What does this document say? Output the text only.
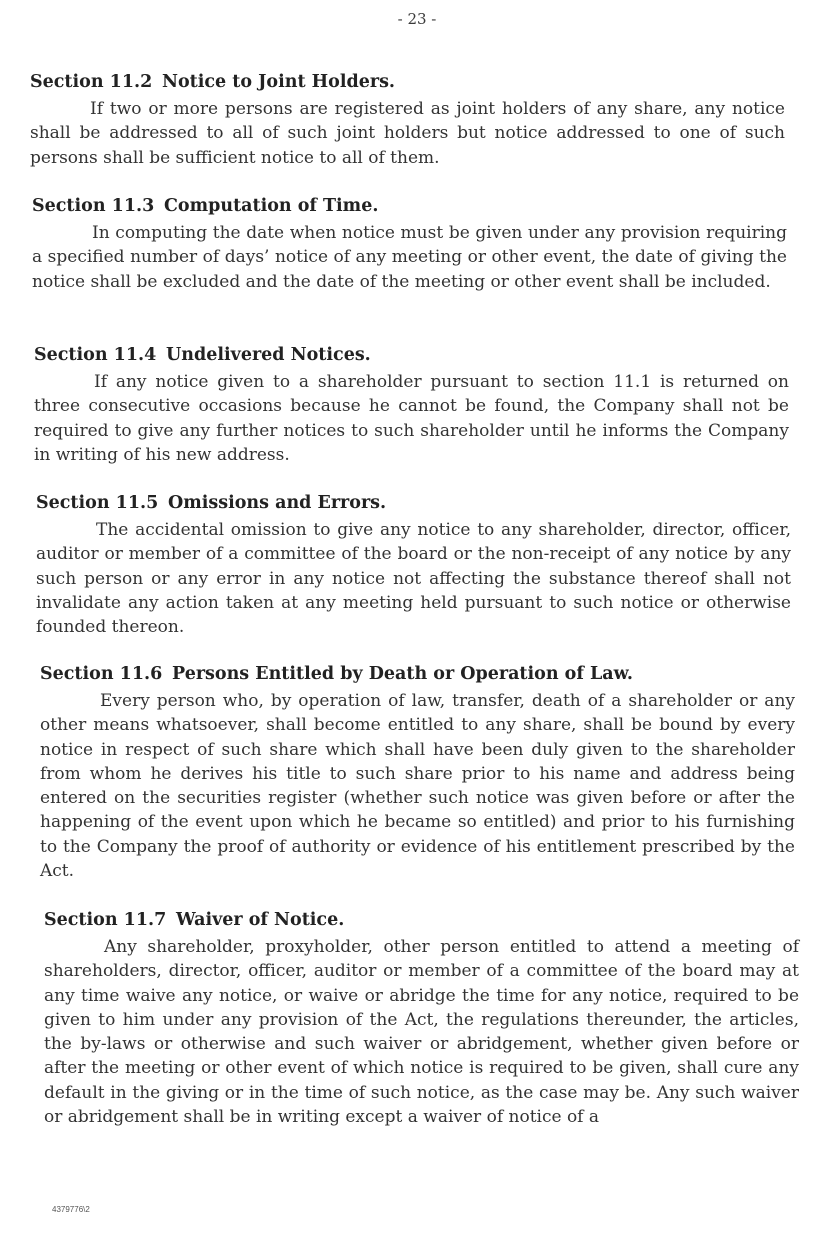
- 23 -
Section 11.2 Notice to Joint Holders.

If two or more persons are registered as joint holders of any share, any notice shall be addressed to all of such joint holders but notice addressed to one of such persons shall be sufficient notice to all of them.

Section 11.3 Computation of Time.

In computing the date when notice must be given under any provision requiring a specified number of days’ notice of any meeting or other event, the date of giving the notice shall be excluded and the date of the meeting or other event shall be included.

Section 11.4 Undelivered Notices.

If any notice given to a shareholder pursuant to section 11.1 is returned on three consecutive occasions because he cannot be found, the Company shall not be required to give any further notices to such shareholder until he informs the Company in writing of his new address.

Section 11.5 Omissions and Errors.

The accidental omission to give any notice to any shareholder, director, officer, auditor or member of a committee of the board or the non-receipt of any notice by any such person or any error in any notice not affecting the substance thereof shall not invalidate any action taken at any meeting held pursuant to such notice or otherwise founded thereon.

Section 11.6 Persons Entitled by Death or Operation of Law.

Every person who, by operation of law, transfer, death of a shareholder or any other means whatsoever, shall become entitled to any share, shall be bound by every notice in respect of such share which shall have been duly given to the shareholder from whom he derives his title to such share prior to his name and address being entered on the securities register (whether such notice was given before or after the happening of the event upon which he became so entitled) and prior to his furnishing to the Company the proof of authority or evidence of his entitlement prescribed by the Act.

Section 11.7 Waiver of Notice.

Any shareholder, proxyholder, other person entitled to attend a meeting of shareholders, director, officer, auditor or member of a committee of the board may at any time waive any notice, or waive or abridge the time for any notice, required to be given to him under any provision of the Act, the regulations thereunder, the articles, the by-laws or otherwise and such waiver or abridgement, whether given before or after the meeting or other event of which notice is required to be given, shall cure any default in the giving or in the time of such notice, as the case may be. Any such waiver or abridgement shall be in writing except a waiver of notice of a

4379776\2
